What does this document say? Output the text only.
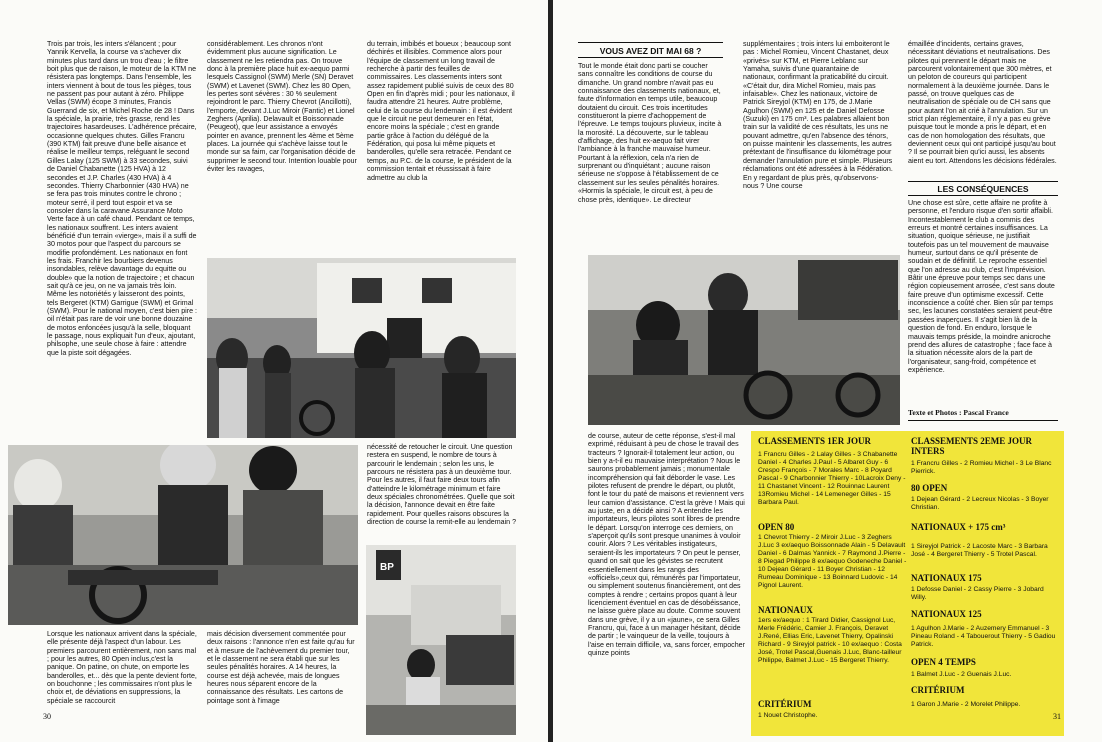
Trois par trois, les inters s'élancent ; pour Yannik Kervella, la course va s'achever dix minutes plus tard dans un trou d'eau ; le filtre boit plus que de raison, le moteur de la KTM ne résistera pas longtemps. Dans l'ensemble, les inters viennent à bout de tous les pièges, tous ne passent pas pour autant à zéro. Philippe Vellas (SWM) écope 3 minutes, Francis Guerrand de six, et Michel Roche de 28 ! Dans la spéciale, la prairie, très grasse, rend les trajectoires hasardeuses. L'adhérence précaire, occasionne quelques chutes. Gilles Francru (390 KTM) fait preuve d'une belle aisance et réalise le meilleur temps, reléguant le second Gilles Lalay (125 SWM) à 33 secondes, suivi de Daniel Chabanette (125 HVA) à 12 secondes et J.P. Charles (430 HVA) à 4 secondes. Thierry Charbonnier (430 HVA) ne se fera pas trois minutes contre le chrono ; moteur serré, il perd tout espoir et va se consoler dans la caravane Assurance Moto Verte face à un café chaud. Pendant ce temps, les nationaux souffrent. Les inters avaient bénéficié d'un terrain «vierge», mais il a suffi de 30 motos pour que l'aspect du parcours se modifie profondément. Les nationaux en font les frais. Franchir les bourbiers devenus insondables, relève davantage du equitte ou double» que la notion de trajectoire ; et chacun sait qu'à ce jeu, on ne va jamais très loin. Même les notoriétés y laisseront des points, tels Bergeret (KTM) Garrigue (SWM) et Grimal (SWM). Pour le national moyen, c'est bien pire : oil n'était pas rare de voir une bonne douzaine de motos enfoncées jusqu'à la selle, bloquant le passage, nous expliquait l'un d'eux, ajoutant, philsophe, une seule chose à faire : attendre que la piste soit dégagées.

considérablement. Les chronos n'ont évidemment plus aucune signification. Le classement ne les retiendra pas. On trouve donc à la première place huit ex-aequo parmi lesquels Cassignol (SWM) Merle (SN) Deravet (SWM) et Lavenet (SWM). Chez les 80 Open, les pertes sont sévères : 30 % seulement rejoindront le parc. Thierry Chevrot (Ancillotti), l'emporte, devant J.Luc Miroir (Fantic) et Lionel Zeghers (Aprilia). Delavault et Boissonnade (Peugeot), que leur assistance a envoyés pointer en avance, prennent les 4ème et 5ème places. La journée qui s'achève laisse tout le monde sur sa faim, car l'organisation décide de supprimer le second tour. Intention louable pour éviter les ravages,

du terrain, imbibés et boueux ; beaucoup sont déchirés et illisibles. Commence alors pour l'équipe de classement un long travail de recherche à partir des feuilles de commissaires. Les classements inters sont assez rapidement publié suivis de ceux des 80 Open en fin d'après midi ; pour les nationaux, il faudra attendre 21 heures. Autre problème, celui de la course du lendemain : il est évident que le circuit ne peut demeurer en l'état, encore moins la spéciale ; c'est en grande partie grâce à l'action du délégué de la Fédération, qui posa lui même piquets et banderolles, qu'elle sera retracée. Pendant ce temps, au P.C. de la course, le président de la commission tentait et réussissait à faire admettre au club la

nécessité de retoucher le circuit. Une question restera en suspend, le nombre de tours à parcourir le lendemain ; selon les uns, le parcours ne résistera pas à un deuxième tour. Pour les autres, il faut faire deux tours afin d'atteindre le kilométrage minimum et faire deux spéciales chronométrées. Quelle que soit la décision, l'annonce devait en être faite rapidement. Pour quelles raisons obscures la direction de course la remit-elle au lendemain ?

BP

Lorsque les nationaux arrivent dans la spéciale, elle présente déjà l'aspect d'un labour. Les premiers parcourent entièrement, non sans mal ; pour les autres, 80 Open inclus,c'est la panique. On patine, on chute, on emporte les banderolles, et... dès que la pente devient forte, on bouchonne ; les commissaires n'ont plus le choix et, de déviations en suppressions, la spéciale se raccourcit

mais décision diversement commentée pour deux raisons : l'annonce n'en est faite qu'au fur et à mesure de l'achèvement du premier tour, et le classement ne sera établi que sur les seules pénalités horaires. A 14 heures, la course est déjà achevée, mais de longues heures nous séparent encore de la connaissance des résultats. Les cartons de pointage sont à l'image

30
VOUS AVEZ DIT MAI 68 ?

Tout le monde était donc parti se coucher sans connaître les conditions de course du dimanche. Un grand nombre n'avait pas eu connaissance des classements nationaux, et, faute d'information en temps utile, beaucoup doutaient du circuit. Ces trois incertitudes constitueront la pierre d'achoppement de l'épreuve. Le temps toujours pluvieux, incite à la morosité. La découverte, sur le tableau d'affichage, des huit ex-aequo fait virer l'ambiance à la franche mauvaise humeur. Pourtant à la réflexion, cela n'a rien de surprenant ou d'inquiétant ; aucune raison sérieuse ne s'oppose à l'établissement de ce classement sur les seules pénalités horaires. «Hormis la spéciale, le circuit est, à peu de chose près, identique». Le directeur

supplémentaires ; trois inters lui emboiteront le pas : Michel Romieu, Vincent Chastanet, deux «privés» sur KTM, et Pierre Leblanc sur Yamaha, suivis d'une quarantaine de nationaux, confirmant la praticabilité du circuit. «C'était dur, dira Michel Romieu, mais pas infaisable». Chez les nationaux, victoire de Patrick Sireyjol (KTM) en 175, de J.Marie Agulhon (SWM) en 125 et de Daniel Defosse (Suzuki) en 175 cm³. Les palabres allaient bon train sur la validité de ces résultats, les uns ne pouvant admettre, qu'en l'absence des ténors, on puisse maintenir les classements, les autres prétextant de l'insuffisance du kilométrage pour demander l'annulation pure et simple. Plusieurs réclamations ont été adressées à la Fédération. En y regardant de plus près, qu'observons-nous ? Une course

émaillée d'incidents, certains graves, nécessitant déviations et neutralisations. Des pilotes qui prennent le départ mais ne parcourent volontairement que 300 mètres, et un peloton de coureurs qui participent normalement à la deuxième journée. Dans le passé, on trouve quelques cas de neutralisation de spéciale ou de CH sans que pour autant l'on ait crié à l'annulation. Sur un strict plan réglementaire, il n'y a pas eu grève puisque tout le monde a pris le départ, et en cas de non homologation des résultats, que deviennent ceux qui ont participé jusqu'au bout ? Il se pourrait bien qu'ici aussi, les absents aient eu tort. Attendons les décisions fédérales.

LES CONSÉQUENCES

Une chose est sûre, cette affaire ne profite à personne, et l'enduro risque d'en sortir affaibli. Incontestablement le club a commis des erreurs et montré certaines insuffisances. La situation, quoique sérieuse, ne justifiait toutefois pas un tel mouvement de mauvaise humeur, surtout dans ce qu'il présente de soudain et de définitif. Le reproche essentiel que l'on adresse au club, c'est l'imprévision. Bâtir une épreuve pour temps sec dans une région copieusement arrosée, c'est sans doute faire preuve d'un optimisme excessif. Cette inconscience a coûté cher. Bien sûr par temps sec, les lacunes constatées seraient peut-être passées inaperçues. Il s'agit bien là de la question de fond. En enduro, lorsque le mauvais temps préside, la moindre anicroche prend des allures de catastrophe ; face face à la situation nécessite alors de la part de l'organisateur, sang-froid, compétence et expérience.

Texte et Photos : Pascal France

de course, auteur de cette réponse, s'est-il mal exprimé, réduisant à peu de chose le travail des tracteurs ? Ignorait-il totalement leur action, ou bien y a-t-il eu mauvaise interprétation ? Nous le saurons probablement jamais ; monumentale incompréhension qui fait déborder le vase. Les pilotes refusent de prendre le départ, ou plutôt, font le tour du paté de maisons et reviennent vers leur camion d'assistance. C'est la grève ! Mais qui au juste, en a décidé ainsi ? A entendre les importateurs, leurs pilotes sont libres de prendre le départ. Lorsqu'on interroge ces derniers, on s'aperçoit qu'ils sont presque unanimes à vouloir courir. Alors ? Les véritables instigateurs, seraient-ils les importateurs ? On peut le penser, quand on sait que les gévistes se recrutent essentiellement dans les rangs des «officiels»,ceux qui, rémunérés par l'importateur, ou simplement soutenus financièrement, ont des comptes à rendre ; certains propos quant à leur licenciement éventuel en cas de désobéissance, ne laisse guère place au doute. Comme souvent dans une grève, il y a un «jaune», ce sera Gilles Francru, qui, face à un manager hésitant, décide de partir ; le vainqueur de la veille, toujours à l'aise en terrain difficile, va, sans forcer, empocher quinze points

CLASSEMENTS 1ER JOUR
1 Francru Gilles - 2 Lalay Gilles - 3 Chabanette Daniel - 4 Charles J.Paul - 5 Albaret Guy - 6 Crespo François - 7 Morales Marc - 8 Poyard Pascal - 9 Charbonnier Thierry - 10Lacroix Deny - 11 Chastanet Vincent - 12 Rouinnac Laurent 13Romieu Michel - 14 Lemeneger Gilles - 15 Barbara Paul.
OPEN 80
1 Chevrot Thierry - 2 Miroir J.Luc - 3 Zeghers J.Luc 3 ex/aequo Boissonnade Alain - 5 Delavault Daniel - 6 Dalmas Yannick - 7 Raymond J.Pierre - 8 Piegad Philippe 8 ex/aequo Godeneche Daniel - 10 Dejean Gérard - 11 Boyer Christian - 12 Rumeau Dominique - 13 Boinnard Ludovic - 14 Pignol Laurent.
NATIONAUX
1ers ex/aequo : 1 Tirard Didier, Cassignol Luc, Merle Frédéric, Camier J. François, Deravet J.René, Ellias Eric, Lavenet Thierry, Opalinski Richard - 9 Sireyjol patrick - 10 ex/aequo : Costa José, Trotel Pascal,Guenais J.Luc, Blanc-tailleur Philippe, Balmet J.Luc - 15 Bergeret Thierry.
CRITÉRIUM
1 Nouet Christophe.
CLASSEMENTS 2EME JOUR INTERS
1 Francru Gilles - 2 Romieu Michel - 3 Le Blanc Pierrick.
80 OPEN
1 Dejean Gérard - 2 Lecreux Nicolas - 3 Boyer Christian.
NATIONAUX + 175 cm³
1 Sireyjol Patrick - 2 Lacoste Marc - 3 Barbara José - 4 Bergeret Thierry - 5 Trotel Pascal.
NATIONAUX 175
1 Defosse Daniel - 2 Cassy Pierre - 3 Jobard Willy.
NATIONAUX 125
1 Agulhon J.Marie - 2 Auzemery Emmanuel - 3 Pineau Roland - 4 Tabouerout Thierry - 5 Gadiou Patrick.
OPEN 4 TEMPS
1 Balmet J.Luc - 2 Guenais J.Luc.
CRITÉRIUM
1 Garon J.Marie - 2 Morelet Philippe.
31
